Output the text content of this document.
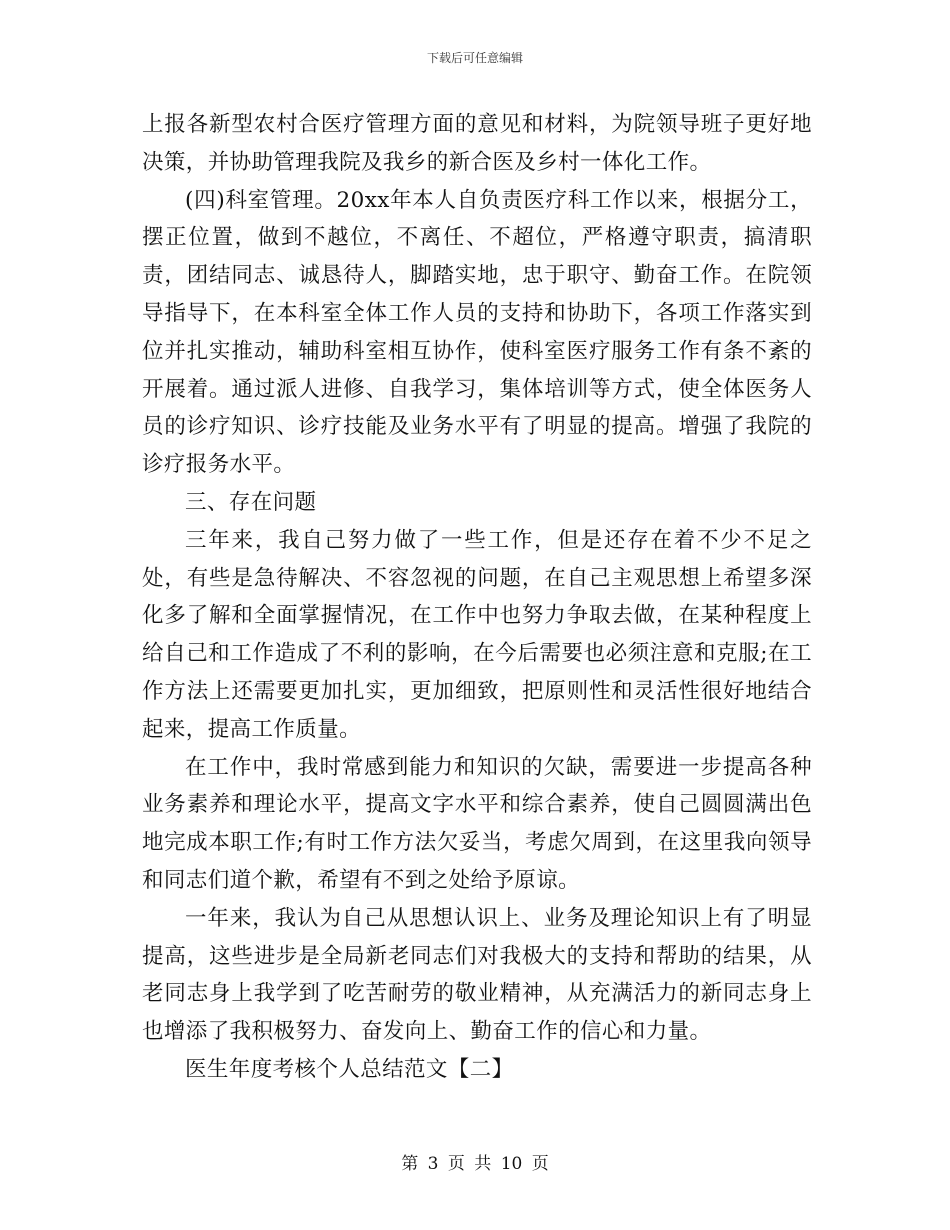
下载后可任意编辑

上报各新型农村合医疗管理方面的意见和材料，为院领导班子更好地决策，并协助管理我院及我乡的新合医及乡村一体化工作。

(四)科室管理。20xx年本人自负责医疗科工作以来，根据分工，摆正位置，做到不越位，不离任、不超位，严格遵守职责，搞清职责，团结同志、诚恳待人，脚踏实地，忠于职守、勤奋工作。在院领导指导下，在本科室全体工作人员的支持和协助下，各项工作落实到位并扎实推动，辅助科室相互协作，使科室医疗服务工作有条不紊的开展着。通过派人进修、自我学习，集体培训等方式，使全体医务人员的诊疗知识、诊疗技能及业务水平有了明显的提高。增强了我院的诊疗报务水平。

三、存在问题

三年来，我自己努力做了一些工作，但是还存在着不少不足之处，有些是急待解决、不容忽视的问题，在自己主观思想上希望多深化多了解和全面掌握情况，在工作中也努力争取去做，在某种程度上给自己和工作造成了不利的影响，在今后需要也必须注意和克服;在工作方法上还需要更加扎实，更加细致，把原则性和灵活性很好地结合起来，提高工作质量。

在工作中，我时常感到能力和知识的欠缺，需要进一步提高各种业务素养和理论水平，提高文字水平和综合素养，使自己圆圆满出色地完成本职工作;有时工作方法欠妥当，考虑欠周到，在这里我向领导和同志们道个歉，希望有不到之处给予原谅。

一年来，我认为自己从思想认识上、业务及理论知识上有了明显提高，这些进步是全局新老同志们对我极大的支持和帮助的结果，从老同志身上我学到了吃苦耐劳的敬业精神，从充满活力的新同志身上也增添了我积极努力、奋发向上、勤奋工作的信心和力量。

医生年度考核个人总结范文【二】

第 3 页 共 10 页
